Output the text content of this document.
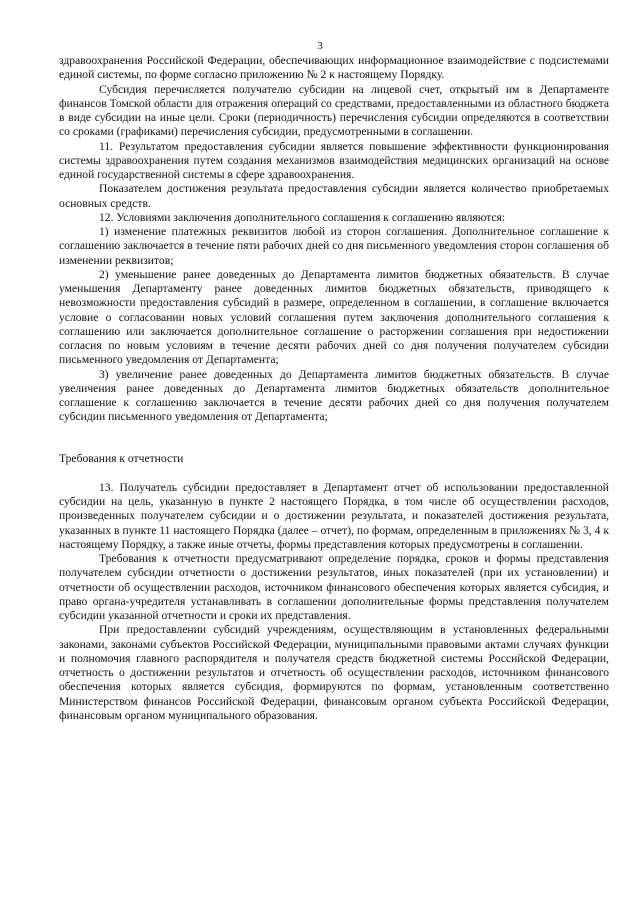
3

здравоохранения Российской Федерации, обеспечивающих информационное взаимодействие с подсистемами единой системы, по форме согласно приложению № 2 к настоящему Порядку.

Субсидия перечисляется получателю субсидии на лицевой счет, открытый им в Департаменте финансов Томской области для отражения операций со средствами, предоставленными из областного бюджета в виде субсидии на иные цели. Сроки (периодичность) перечисления субсидии определяются в соответствии со сроками (графиками) перечисления субсидии, предусмотренными в соглашении.

11. Результатом предоставления субсидии является повышение эффективности функционирования системы здравоохранения путем создания механизмов взаимодействия медицинских организаций на основе единой государственной системы в сфере здравоохранения.

Показателем достижения результата предоставления субсидии является количество приобретаемых основных средств.

12. Условиями заключения дополнительного соглашения к соглашению являются:

1) изменение платежных реквизитов любой из сторон соглашения. Дополнительное соглашение к соглашению заключается в течение пяти рабочих дней со дня письменного уведомления сторон соглашения об изменении реквизитов;

2) уменьшение ранее доведенных до Департамента лимитов бюджетных обязательств. В случае уменьшения Департаменту ранее доведенных лимитов бюджетных обязательств, приводящего к невозможности предоставления субсидий в размере, определенном в соглашении, в соглашение включается условие о согласовании новых условий соглашения путем заключения дополнительного соглашения к соглашению или заключается дополнительное соглашение о расторжении соглашения при недостижении согласия по новым условиям в течение десяти рабочих дней со дня получения получателем субсидии письменного уведомления от Департамента;

3) увеличение ранее доведенных до Департамента лимитов бюджетных обязательств. В случае увеличения ранее доведенных до Департамента лимитов бюджетных обязательств дополнительное соглашение к соглашению заключается в течение десяти рабочих дней со дня получения получателем субсидии письменного уведомления от Департамента;

Требования к отчетности

13. Получатель субсидии предоставляет в Департамент отчет об использовании предоставленной субсидии на цель, указанную в пункте 2 настоящего Порядка, в том числе об осуществлении расходов, произведенных получателем субсидии и о достижении результата, и показателей достижения результата, указанных в пункте 11 настоящего Порядка (далее – отчет), по формам, определенным в приложениях № 3, 4 к настоящему Порядку, а также иные отчеты, формы представления которых предусмотрены в соглашении.

Требования к отчетности предусматривают определение порядка, сроков и формы представления получателем субсидии отчетности о достижении результатов, иных показателей (при их установлении) и отчетности об осуществлении расходов, источником финансового обеспечения которых является субсидия, и право органа-учредителя устанавливать в соглашении дополнительные формы представления получателем субсидии указанной отчетности и сроки их представления.

При предоставлении субсидий учреждениям, осуществляющим в установленных федеральными законами, законами субъектов Российской Федерации, муниципальными правовыми актами случаях функции и полномочия главного распорядителя и получателя средств бюджетной системы Российской Федерации, отчетность о достижении результатов и отчетность об осуществлении расходов, источником финансового обеспечения которых является субсидия, формируются по формам, установленным соответственно Министерством финансов Российской Федерации, финансовым органом субъекта Российской Федерации, финансовым органом муниципального образования.
